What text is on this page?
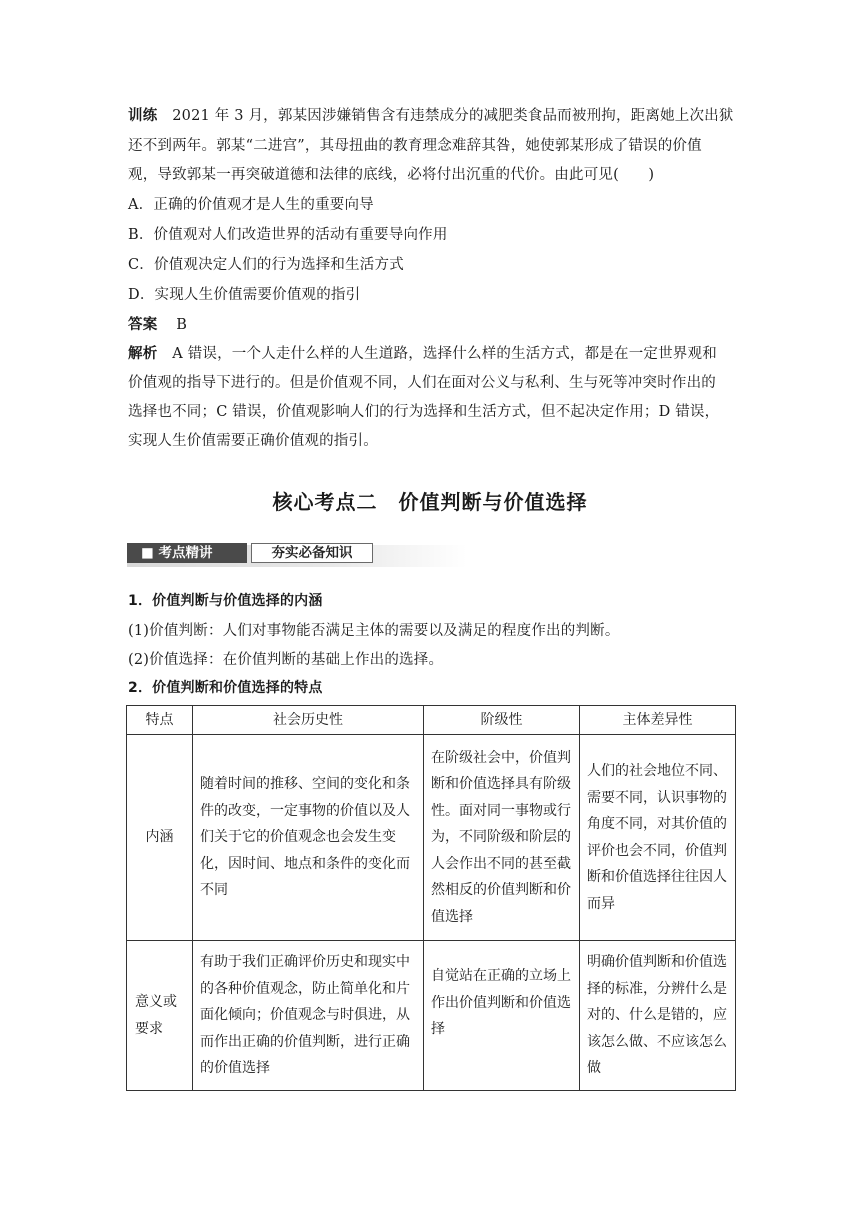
训练 2021 年 3 月，郭某因涉嫌销售含有违禁成分的减肥类食品而被刑拘，距离她上次出狱
还不到两年。郭某“二进宫”，其母扭曲的教育理念难辞其咎，她使郭某形成了错误的价值
观，导致郭某一再突破道德和法律的底线，必将付出沉重的代价。由此可见(　　)
A．正确的价值观才是人生的重要向导
B．价值观对人们改造世界的活动有重要导向作用
C．价值观决定人们的行为选择和生活方式
D．实现人生价值需要价值观的指引
答案 B
解析 A 错误，一个人走什么样的人生道路，选择什么样的生活方式，都是在一定世界观和
价值观的指导下进行的。但是价值观不同，人们在面对公义与私利、生与死等冲突时作出的
选择也不同；C 错误，价值观影响人们的行为选择和生活方式，但不起决定作用；D 错误，
实现人生价值需要正确价值观的指引。
核心考点二　价值判断与价值选择
■ 考点精讲	夯实必备知识
1．价值判断与价值选择的内涵
(1)价值判断：人们对事物能否满足主体的需要以及满足的程度作出的判断。
(2)价值选择：在价值判断的基础上作出的选择。
2．价值判断和价值选择的特点
特点	社会历史性	阶级性	主体差异性
内涵	随着时间的推移、空间的变化和条件的改变，一定事物的价值以及人们关于它的价值观念也会发生变化，因时间、地点和条件的变化而不同	在阶级社会中，价值判断和价值选择具有阶级性。面对同一事物或行为，不同阶级和阶层的人会作出不同的甚至截然相反的价值判断和价值选择	人们的社会地位不同、需要不同，认识事物的角度不同，对其价值的评价也会不同，价值判断和价值选择往往因人而异
意义或要求	有助于我们正确评价历史和现实中的各种价值观念，防止简单化和片面化倾向；价值观念与时俱进，从而作出正确的价值判断，进行正确的价值选择	自觉站在正确的立场上作出价值判断和价值选择	明确价值判断和价值选择的标准，分辨什么是对的、什么是错的，应该怎么做、不应该怎么做
